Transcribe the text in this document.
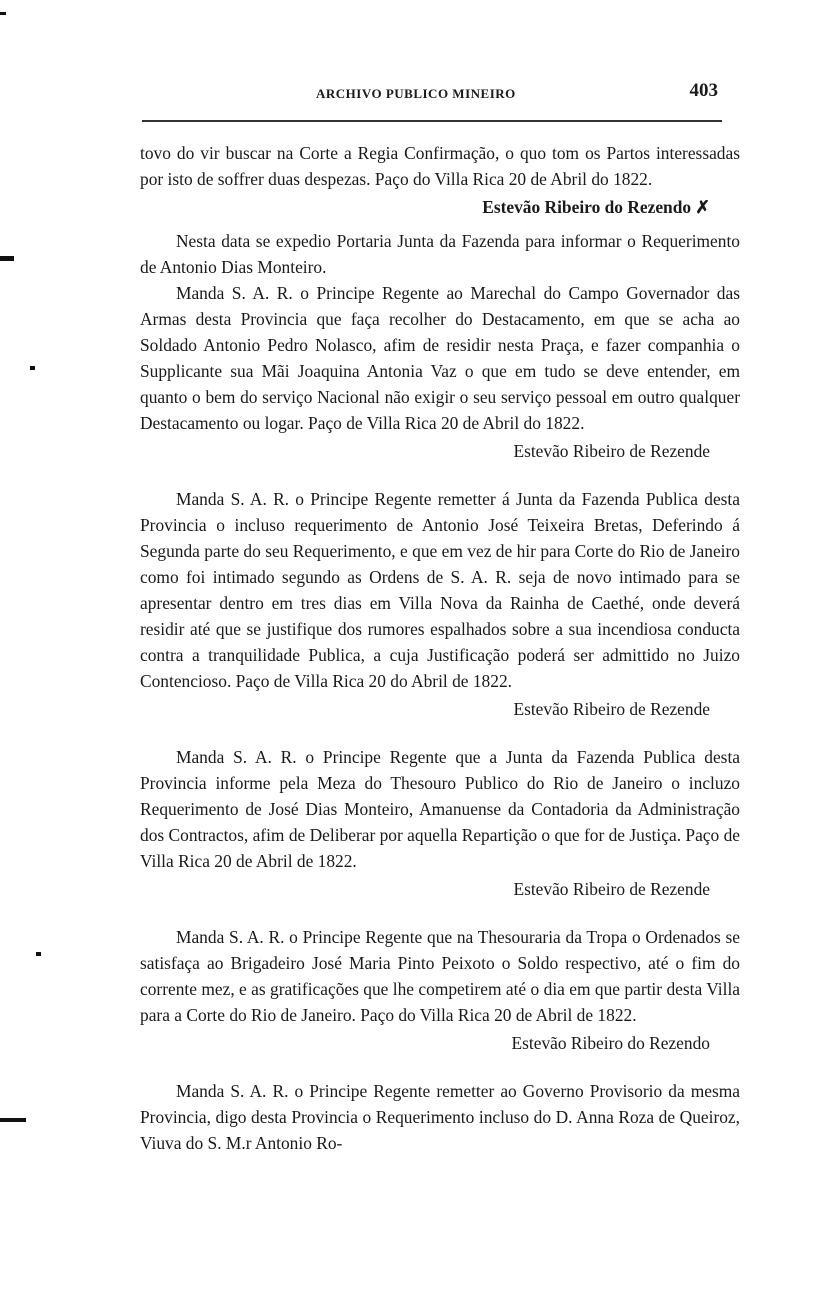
ARCHIVO PUBLICO MINEIRO	403

tovo do vir buscar na Corte a Regia Confirmação, o quo tom os Partos interessadas por isto de soffrer duas despezas. Paço do Villa Rica 20 de Abril do 1822.

Estevão Ribeiro do Rezendo ✗

Nesta data se expedio Portaria Junta da Fazenda para informar o Requerimento de Antonio Dias Monteiro.

Manda S. A. R. o Principe Regente ao Marechal do Campo Governador das Armas desta Provincia que faça recolher do Destacamento, em que se acha ao Soldado Antonio Pedro Nolasco, afim de residir nesta Praça, e fazer companhia o Supplicante sua Mãi Joaquina Antonia Vaz o que em tudo se deve entender, em quanto o bem do serviço Nacional não exigir o seu serviço pessoal em outro qualquer Destacamento ou logar. Paço de Villa Rica 20 de Abril do 1822.

Estevão Ribeiro de Rezende

Manda S. A. R. o Principe Regente remetter á Junta da Fazenda Publica desta Provincia o incluso requerimento de Antonio José Teixeira Bretas, Deferindo á Segunda parte do seu Requerimento, e que em vez de hir para Corte do Rio de Janeiro como foi intimado segundo as Ordens de S. A. R. seja de novo intimado para se apresentar dentro em tres dias em Villa Nova da Rainha de Caethé, onde deverá residir até que se justifique dos rumores espalhados sobre a sua incendiosa conducta contra a tranquilidade Publica, a cuja Justificação poderá ser admittido no Juizo Contencioso. Paço de Villa Rica 20 do Abril de 1822.

Estevão Ribeiro de Rezende

Manda S. A. R. o Principe Regente que a Junta da Fazenda Publica desta Provincia informe pela Meza do Thesouro Publico do Rio de Janeiro o incluzo Requerimento de José Dias Monteiro, Amanuense da Contadoria da Administração dos Contractos, afim de Deliberar por aquella Repartição o que for de Justiça. Paço de Villa Rica 20 de Abril de 1822.

Estevão Ribeiro de Rezende

Manda S. A. R. o Principe Regente que na Thesouraria da Tropa o Ordenados se satisfaça ao Brigadeiro José Maria Pinto Peixoto o Soldo respectivo, até o fim do corrente mez, e as gratificações que lhe competirem até o dia em que partir desta Villa para a Corte do Rio de Janeiro. Paço do Villa Rica 20 de Abril de 1822.

Estevão Ribeiro do Rezendo

Manda S. A. R. o Principe Regente remetter ao Governo Provisorio da mesma Provincia, digo desta Provincia o Requerimento incluso do D. Anna Roza de Queiroz, Viuva do S. M.r Antonio Ro-
